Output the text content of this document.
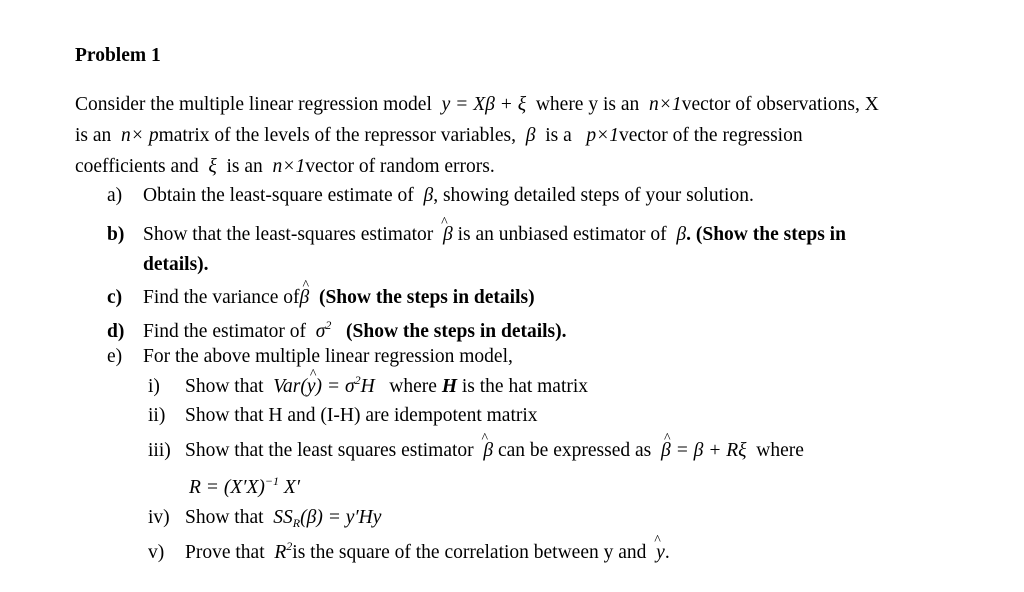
Problem 1
Consider the multiple linear regression model  y = Xβ + ξ  where y is an  n×1vector of observations, X
is an  n× pmatrix of the levels of the repressor variables,  β  is a   p×1vector of the regression
coefficients and  ξ  is an  n×1vector of random errors.
a) Obtain the least-square estimate of  β, showing detailed steps of your solution.
b) Show that the least-squares estimator ^  β is an unbiased estimator of  β. (Show the steps in
details).
c) Find the variance of^ β (Show the steps in details)
d) Find the estimator of  $\sigma^2$ (Show the steps in details).
e) For the above multiple linear regression model,
i) Show that  Var(^ $y) = \sigma^2H$   where H is the hat matrix
ii) Show that H and (I-H) are idempotent matrix
iii) Show that the least squares estimator ^  β can be expressed as  ^ β = β + Rξ  where
$R = (X'X)^{-1}$ X′
iv) Show that  $SS_R(\beta) = y'Hy$
v) Prove that  $R^2is$ the square of the correlation between y and ^  y.
